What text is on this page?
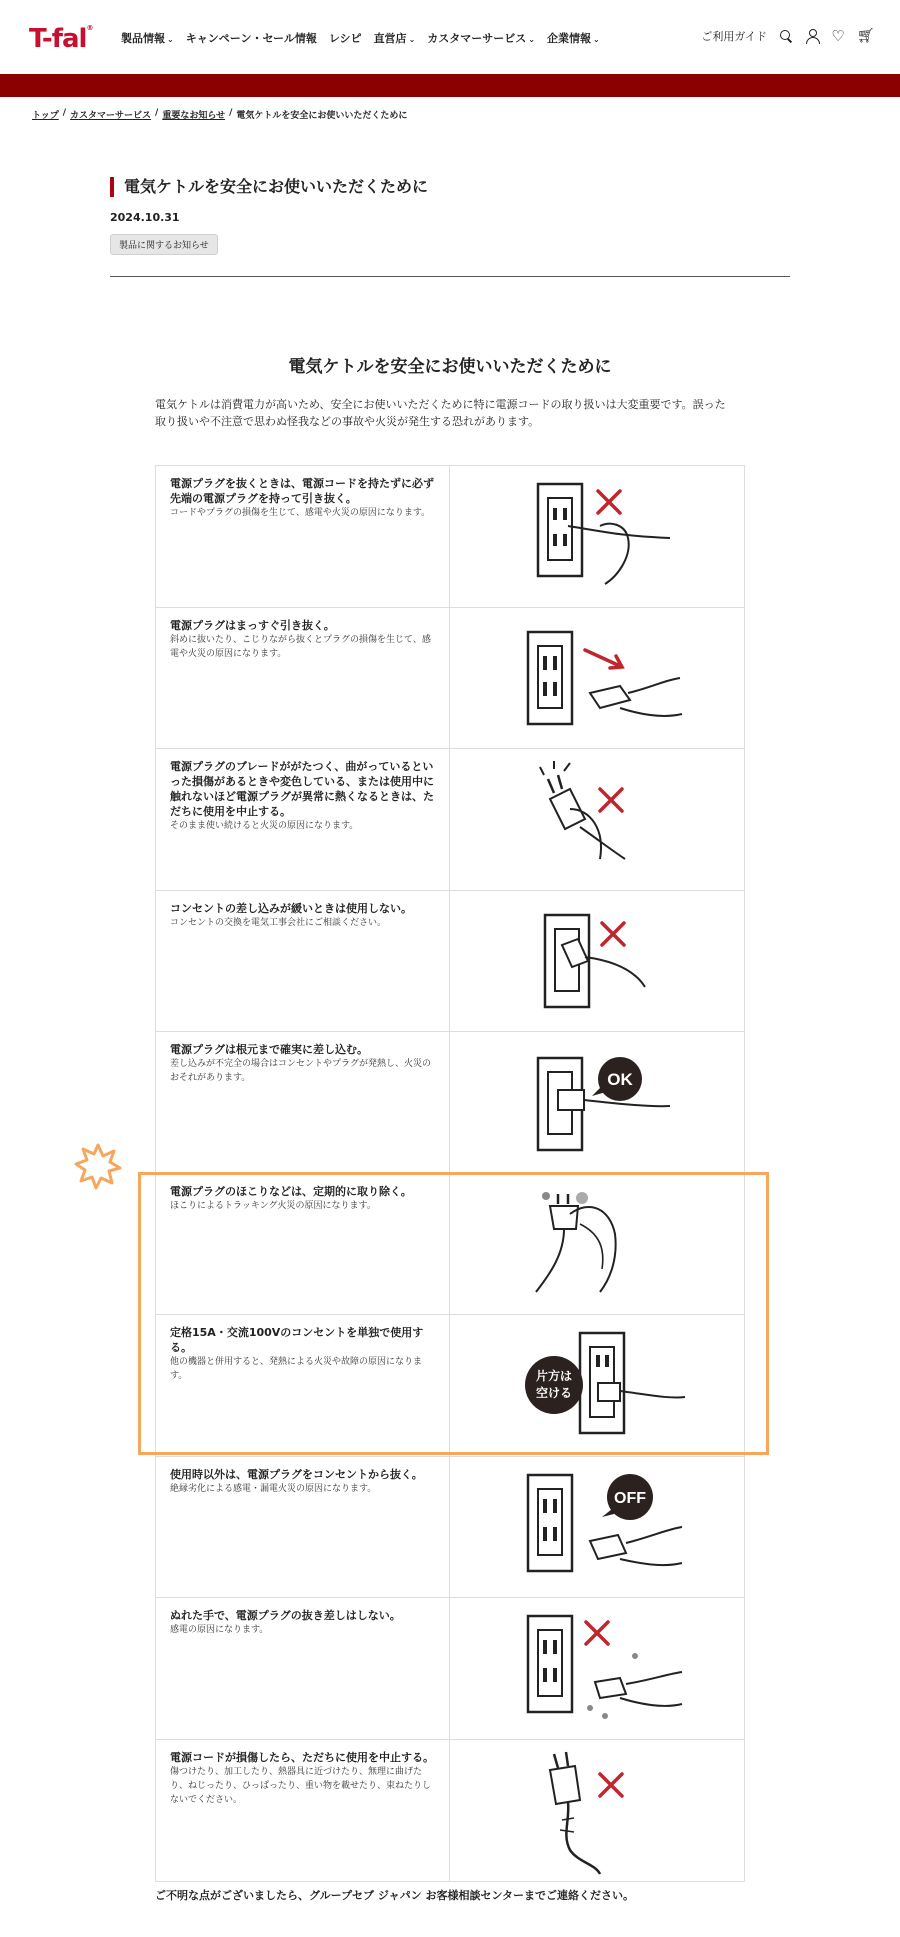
T-fal®
製品情報 ⌄ キャンペーン・セール情報 レシピ 直営店 ⌄ カスタマーサービス ⌄ 企業情報 ⌄	ご利用ガイド	♡ 🛒︎
トップ / カスタマーサービス / 重要なお知らせ / 電気ケトルを安全にお使いいただくために
電気ケトルを安全にお使いいただくために
2024.10.31
製品に関するお知らせ
電気ケトルを安全にお使いいただくために

電気ケトルは消費電力が高いため、安全にお使いいただくために特に電源コードの取り扱いは大変重要です。誤った取り扱いや不注意で思わぬ怪我などの事故や火災が発生する恐れがあります。

電源プラグを抜くときは、電源コードを持たずに必ず先端の電源プラグを持って引き抜く。
コードやプラグの損傷を生じて、感電や火災の原因になります。
電源プラグはまっすぐ引き抜く。
斜めに抜いたり、こじりながら抜くとプラグの損傷を生じて、感電や火災の原因になります。
電源プラグのブレードががたつく、曲がっているといった損傷があるときや変色している、または使用中に触れないほど電源プラグが異常に熱くなるときは、ただちに使用を中止する。
そのまま使い続けると火災の原因になります。
コンセントの差し込みが緩いときは使用しない。
コンセントの交換を電気工事会社にご相談ください。
電源プラグは根元まで確実に差し込む。
差し込みが不完全の場合はコンセントやプラグが発熱し、火災のおそれがあります。	OK
電源プラグのほこりなどは、定期的に取り除く。
ほこりによるトラッキング火災の原因になります。
定格15A・交流100Vのコンセントを単独で使用する。
他の機器と併用すると、発熱による火災や故障の原因になります。	片方は
空ける
使用時以外は、電源プラグをコンセントから抜く。
絶縁劣化による感電・漏電火災の原因になります。
OFF
ぬれた手で、電源プラグの抜き差しはしない。
感電の原因になります。
電源コードが損傷したら、ただちに使用を中止する。
傷つけたり、加工したり、熱器具に近づけたり、無理に曲げたり、ねじったり、ひっぱったり、重い物を載せたり、束ねたりしないでください。
ご不明な点がございましたら、グループセブ ジャパン お客様相談センターまでご連絡ください。
